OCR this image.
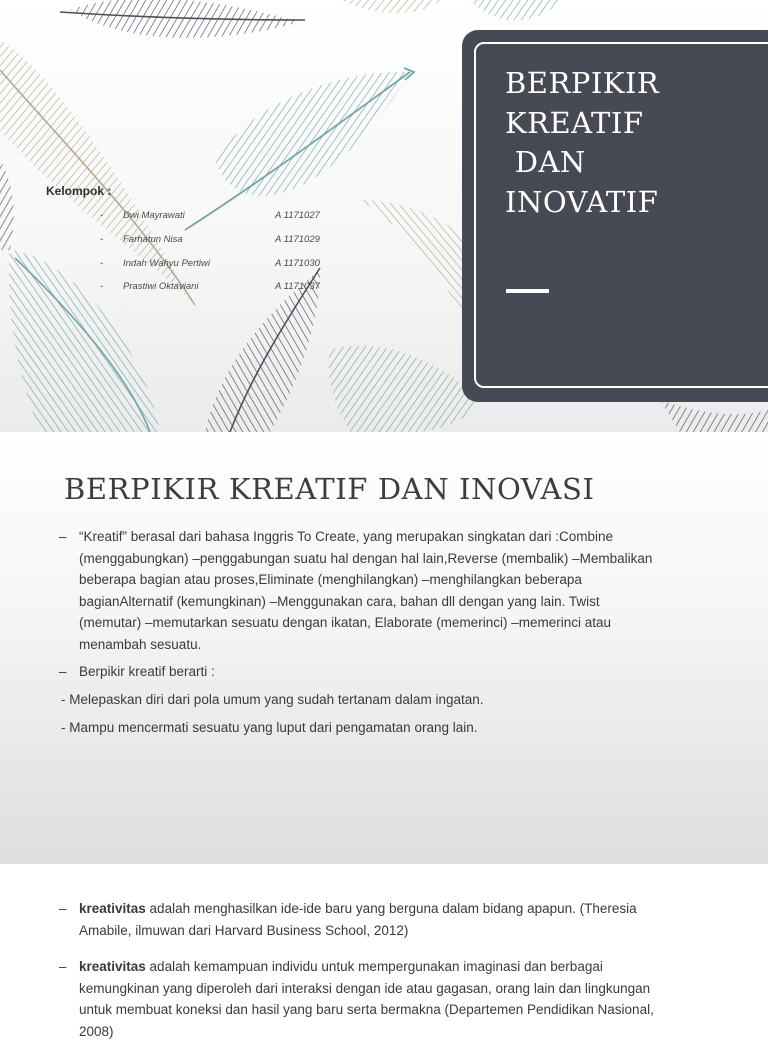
Kelompok :
- Dwi Mayrawati	A 1171027
- Farhatun Nisa	A 1171029
- Indah Wahyu Pertiwi	A 1171030
- Prastiwi Oktaviani	A 1171037
BERPIKIR
KREATIF
DAN
INOVATIF
BERPIKIR KREATIF DAN INOVASI
– “Kreatif” berasal dari bahasa Inggris To Create, yang merupakan singkatan dari :Combine
(menggabungkan) –penggabungan suatu hal dengan hal lain,Reverse (membalik) –Membalikan
beberapa bagian atau proses,Eliminate (menghilangkan) –menghilangkan beberapa
bagianAlternatif (kemungkinan) –Menggunakan cara, bahan dll dengan yang lain. Twist
(memutar) –memutarkan sesuatu dengan ikatan, Elaborate (memerinci) –memerinci atau
menambah sesuatu.
– Berpikir kreatif berarti :
- Melepaskan diri dari pola umum yang sudah tertanam dalam ingatan.
- Mampu mencermati sesuatu yang luput dari pengamatan orang lain.
– kreativitas adalah menghasilkan ide-ide baru yang berguna dalam bidang apapun. (Theresia
Amabile, ilmuwan dari Harvard Business School, 2012)
– kreativitas adalah kemampuan individu untuk mempergunakan imaginasi dan berbagai
kemungkinan yang diperoleh dari interaksi dengan ide atau gagasan, orang lain dan lingkungan
untuk membuat koneksi dan hasil yang baru serta bermakna (Departemen Pendidikan Nasional,
2008)
